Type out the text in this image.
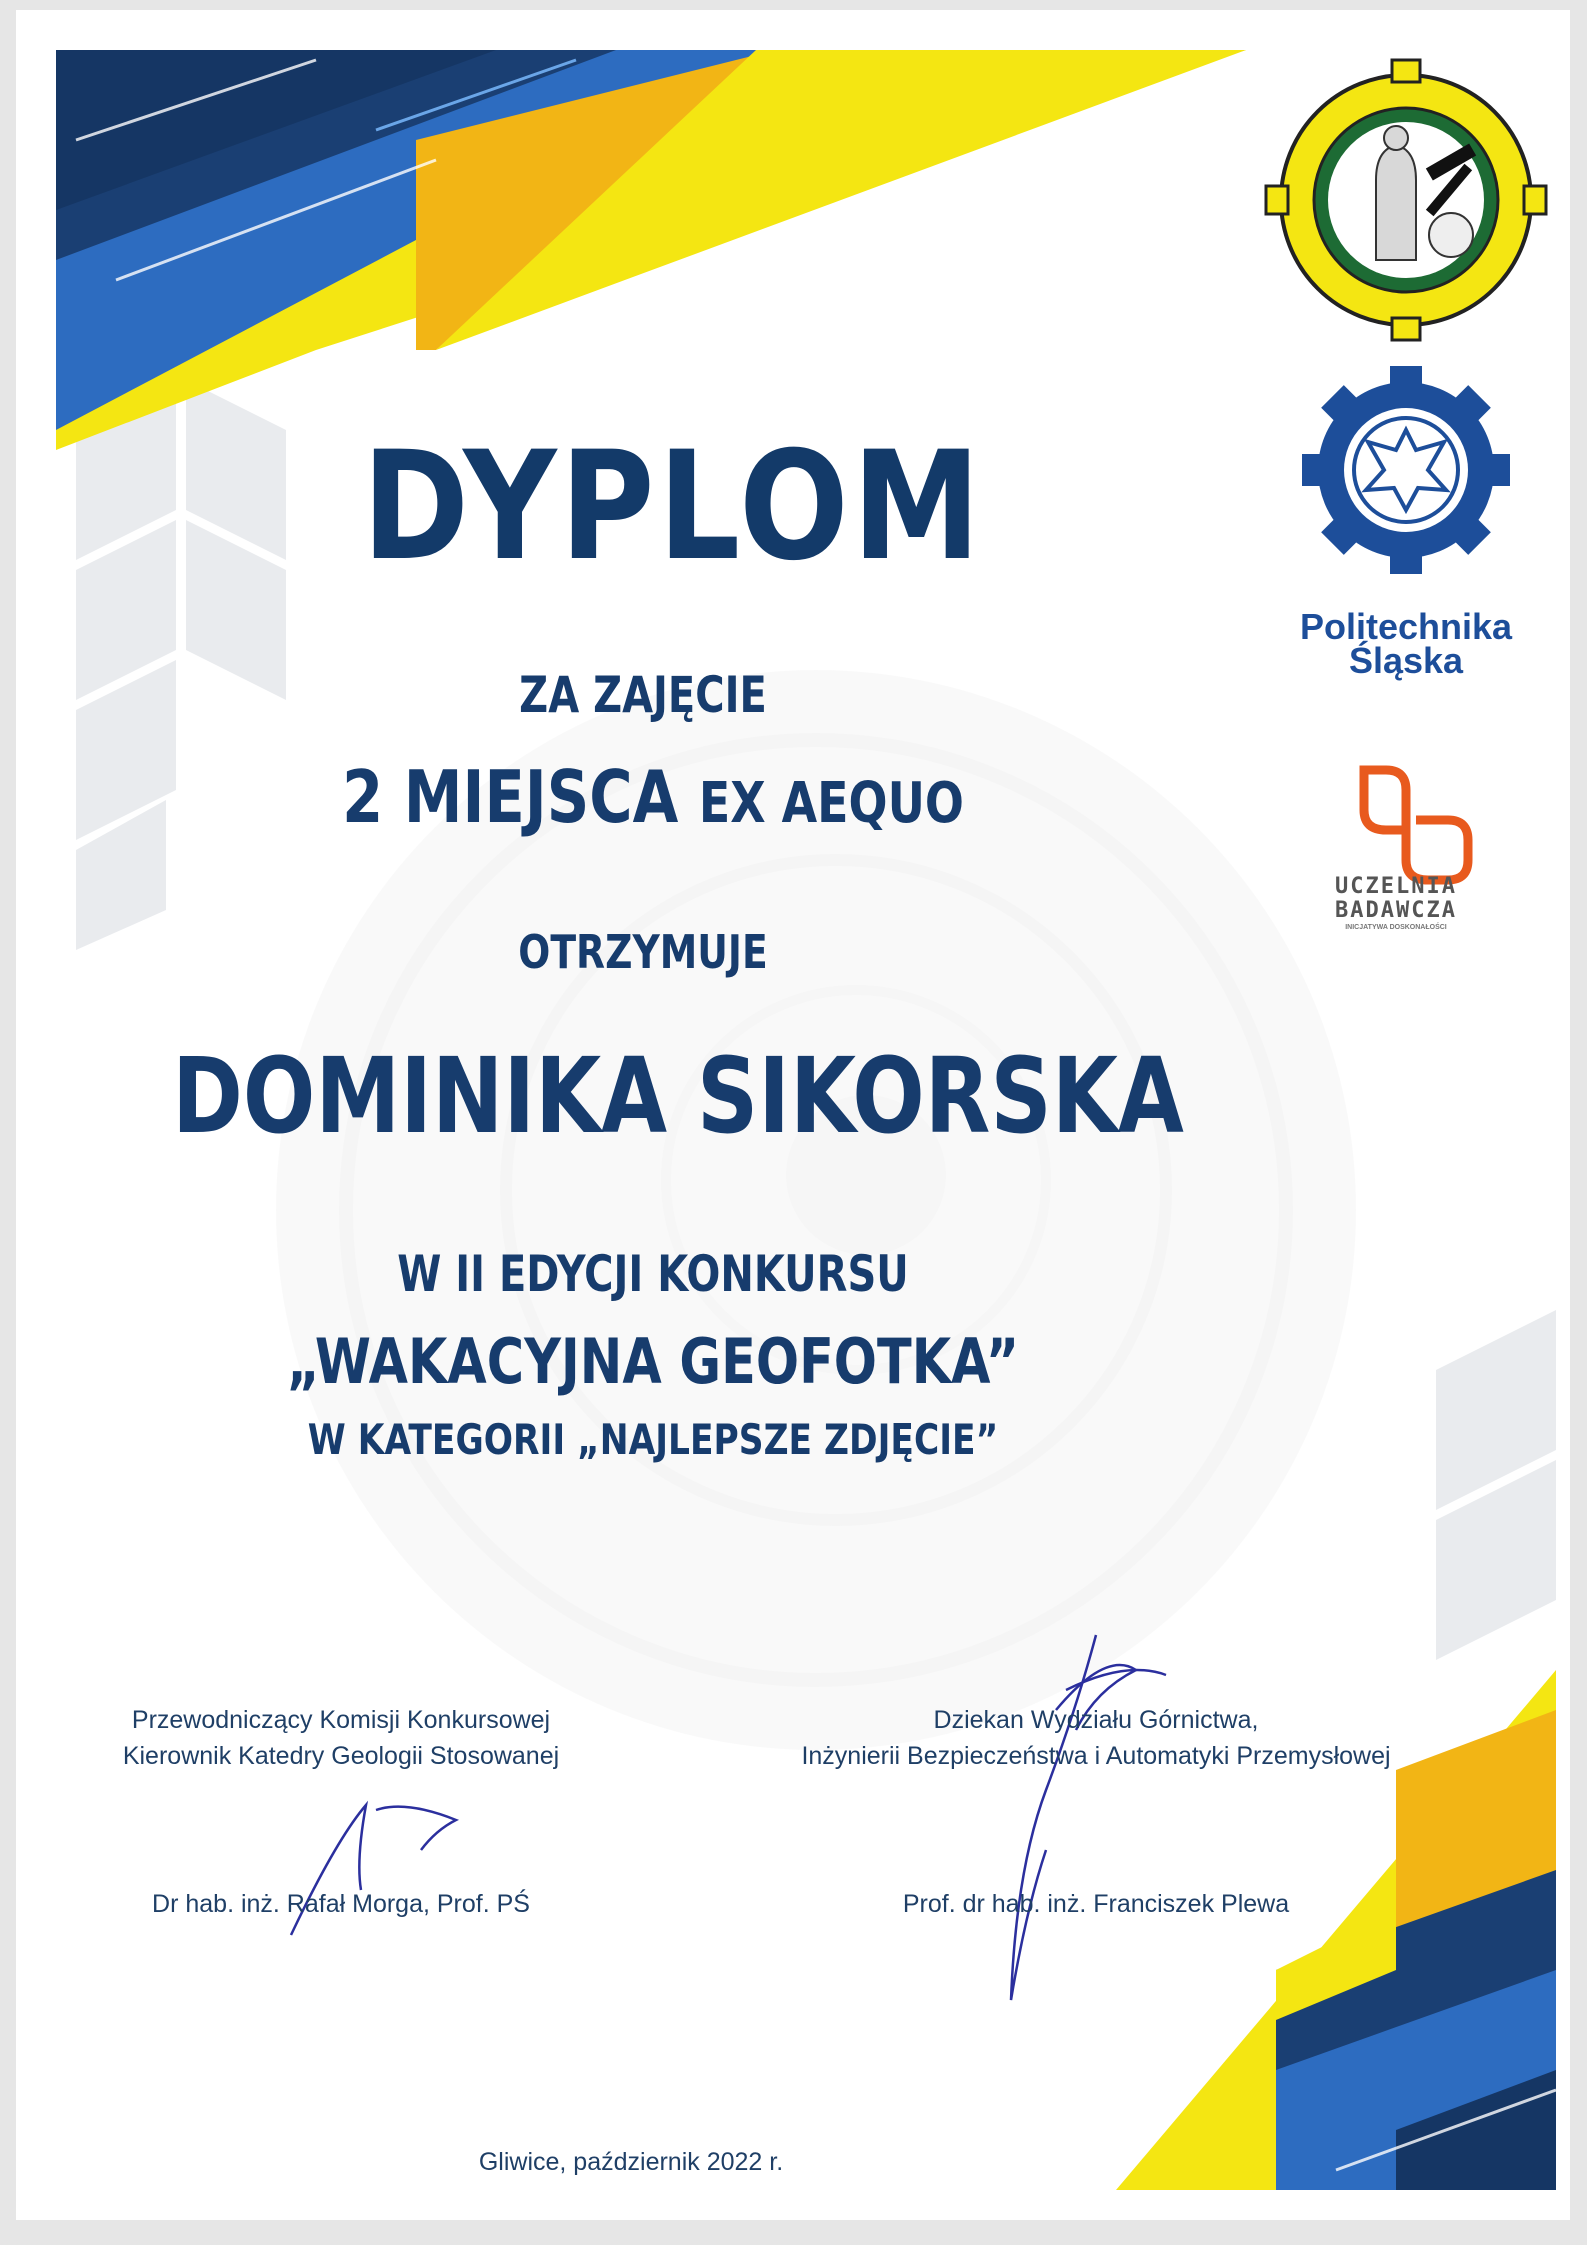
Politechnika
Śląska
UCZELNIA
BADAWCZA
INICJATYWA DOSKONAŁOŚCI
DYPLOM
ZA ZAJĘCIE
2 MIEJSCA EX AEQUO
OTRZYMUJE
DOMINIKA SIKORSKA
W II EDYCJI KONKURSU
„WAKACYJNA GEOFOTKA”
W KATEGORII „NAJLEPSZE ZDJĘCIE”
Przewodniczący Komisji Konkursowej
Kierownik Katedry Geologii Stosowanej
Dziekan Wydziału Górnictwa,
Inżynierii Bezpieczeństwa i Automatyki Przemysłowej
Dr hab. inż. Rafał Morga, Prof. PŚ	Prof. dr hab. inż. Franciszek Plewa
Gliwice, październik 2022 r.
